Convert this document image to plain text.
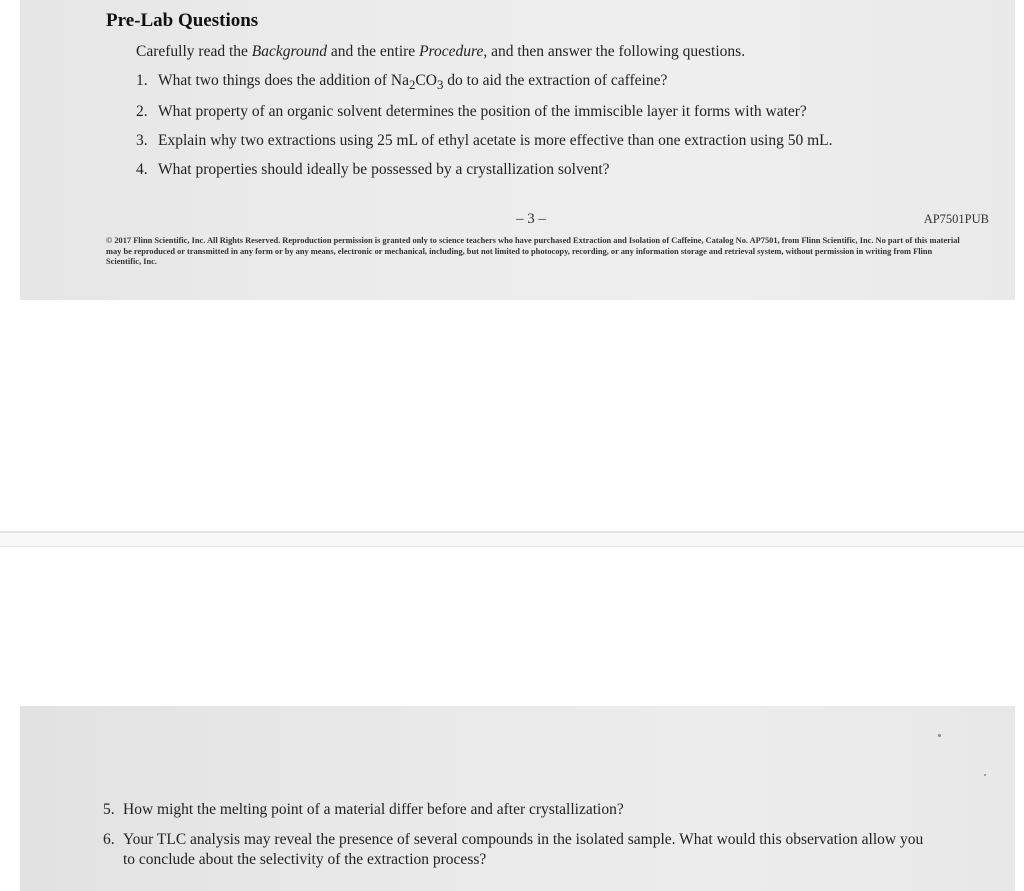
Pre-Lab Questions
Carefully read the Background and the entire Procedure, and then answer the following questions.
1. What two things does the addition of $Na_2CO_3$ do to aid the extraction of caffeine?
2. What property of an organic solvent determines the position of the immiscible layer it forms with water?
3. Explain why two extractions using 25 mL of ethyl acetate is more effective than one extraction using 50 mL.
4. What properties should ideally be possessed by a crystallization solvent?
– 3 –	AP7501PUB
© 2017 Flinn Scientific, Inc. All Rights Reserved. Reproduction permission is granted only to science teachers who have purchased Extraction and Isolation of Caffeine, Catalog No. AP7501, from Flinn Scientific, Inc. No part of this material may be reproduced or transmitted in any form or by any means, electronic or mechanical, including, but not limited to photocopy, recording, or any information storage and retrieval system, without permission in writing from Flinn Scientific, Inc.
5. How might the melting point of a material differ before and after crystallization?
6. Your TLC analysis may reveal the presence of several compounds in the isolated sample. What would this observation allow you to conclude about the selectivity of the extraction process?
